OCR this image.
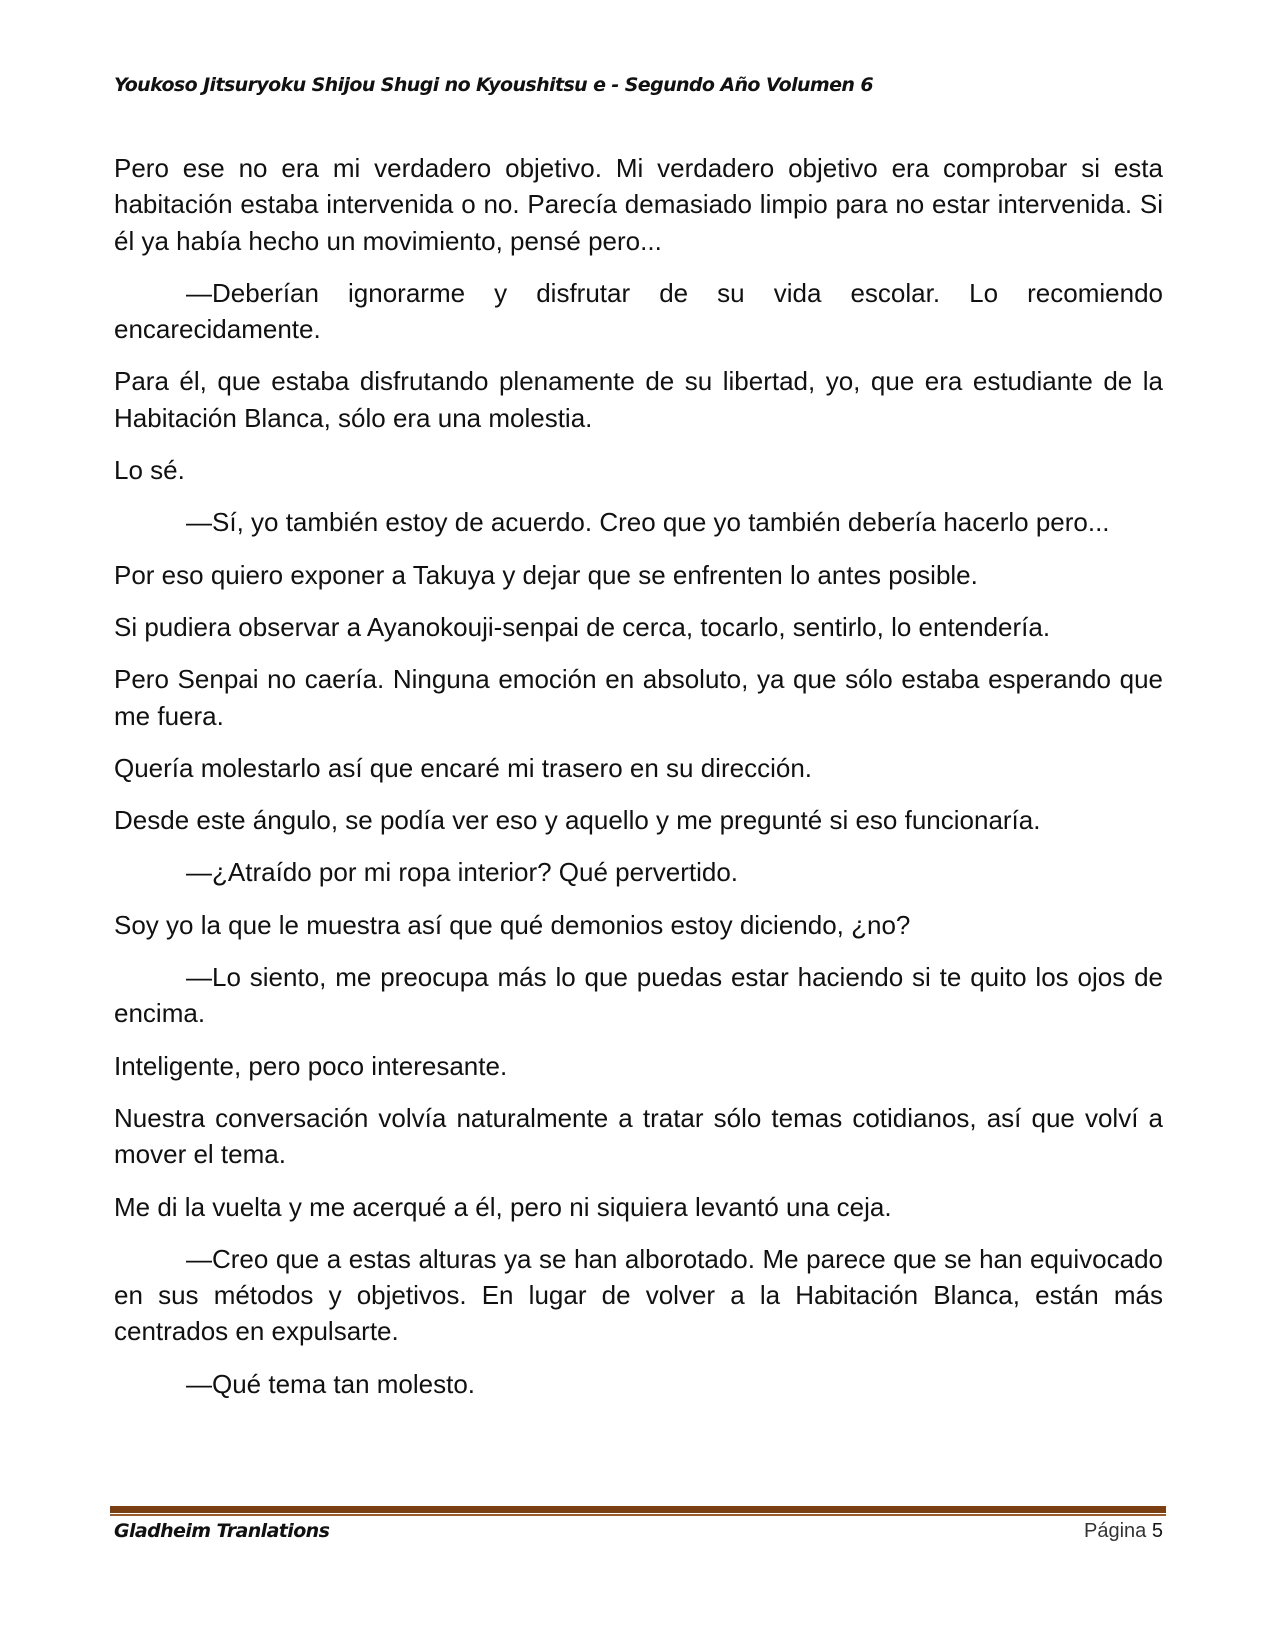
Youkoso Jitsuryoku Shijou Shugi no Kyoushitsu e - Segundo Año Volumen 6

Pero ese no era mi verdadero objetivo. Mi verdadero objetivo era comprobar si esta habitación estaba intervenida o no. Parecía demasiado limpio para no estar intervenida. Si él ya había hecho un movimiento, pensé pero...

—Deberían ignorarme y disfrutar de su vida escolar. Lo recomiendo encarecidamente.

Para él, que estaba disfrutando plenamente de su libertad, yo, que era estudiante de la Habitación Blanca, sólo era una molestia.

Lo sé.

—Sí, yo también estoy de acuerdo. Creo que yo también debería hacerlo pero...

Por eso quiero exponer a Takuya y dejar que se enfrenten lo antes posible.

Si pudiera observar a Ayanokouji-senpai de cerca, tocarlo, sentirlo, lo entendería.

Pero Senpai no caería. Ninguna emoción en absoluto, ya que sólo estaba esperando que me fuera.

Quería molestarlo así que encaré mi trasero en su dirección.

Desde este ángulo, se podía ver eso y aquello y me pregunté si eso funcionaría.

—¿Atraído por mi ropa interior? Qué pervertido.

Soy yo la que le muestra así que qué demonios estoy diciendo, ¿no?

—Lo siento, me preocupa más lo que puedas estar haciendo si te quito los ojos de encima.

Inteligente, pero poco interesante.

Nuestra conversación volvía naturalmente a tratar sólo temas cotidianos, así que volví a mover el tema.

Me di la vuelta y me acerqué a él, pero ni siquiera levantó una ceja.

—Creo que a estas alturas ya se han alborotado. Me parece que se han equivocado en sus métodos y objetivos. En lugar de volver a la Habitación Blanca, están más centrados en expulsarte.

—Qué tema tan molesto.

Gladheim Tranlations	Página 5
